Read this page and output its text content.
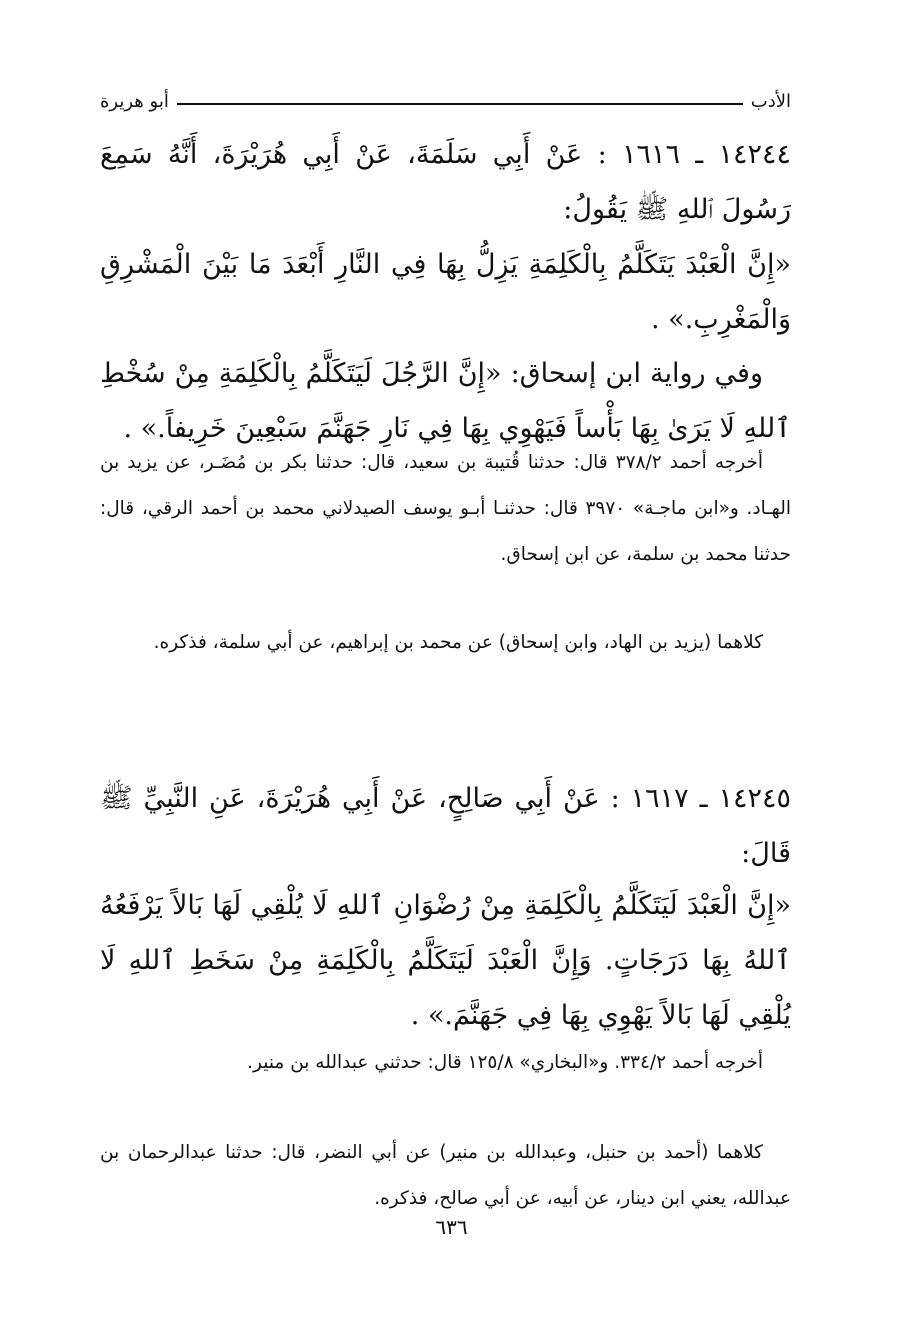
الأدب
أبو هريرة
١٤٢٤٤ ـ ١٦١٦ : عَنْ أَبِي سَلَمَةَ، عَنْ أَبِي هُرَيْرَةَ، أَنَّهُ سَمِعَ رَسُولَ ٱللهِ ﷺ يَقُولُ:
«إِنَّ الْعَبْدَ يَتَكَلَّمُ بِالْكَلِمَةِ يَزِلُّ بِهَا فِي النَّارِ أَبْعَدَ مَا بَيْنَ الْمَشْرِقِ وَالْمَغْرِبِ.» .
وفي رواية ابن إسحاق: «إِنَّ الرَّجُلَ لَيَتَكَلَّمُ بِالْكَلِمَةِ مِنْ سُخْطِ ٱللهِ لَا يَرَىٰ بِهَا بَأْساً فَيَهْوِي بِهَا فِي نَارِ جَهَنَّمَ سَبْعِينَ خَرِيفاً.» .
أخرجه أحمد ٣٧٨/٢ قال: حدثنا قُتيبة بن سعيد، قال: حدثنا بكر بن مُضَـر، عن يزيد بن الهـاد. و«ابن ماجـة» ٣٩٧٠ قال: حدثنـا أبـو يوسف الصيدلاني محمد بن أحمد الرقي، قال: حدثنا محمد بن سلمة، عن ابن إسحاق.
كلاهما (يزيد بن الهاد، وابن إسحاق) عن محمد بن إبراهيم، عن أبي سلمة، فذكره.
١٤٢٤٥ ـ ١٦١٧ : عَنْ أَبِي صَالِحٍ، عَنْ أَبِي هُرَيْرَةَ، عَنِ النَّبِيِّ ﷺ قَالَ:
«إِنَّ الْعَبْدَ لَيَتَكَلَّمُ بِالْكَلِمَةِ مِنْ رُضْوَانِ ٱللهِ لَا يُلْقِي لَهَا بَالاً يَرْفَعُهُ ٱللهُ بِهَا دَرَجَاتٍ. وَإِنَّ الْعَبْدَ لَيَتَكَلَّمُ بِالْكَلِمَةِ مِنْ سَخَطِ ٱللهِ لَا يُلْقِي لَهَا بَالاً يَهْوِي بِهَا فِي جَهَنَّمَ.» .
أخرجه أحمد ٣٣٤/٢. و«البخاري» ١٢٥/٨ قال: حدثني عبدالله بن منير.
كلاهما (أحمد بن حنبل، وعبدالله بن منير) عن أبي النضر، قال: حدثنا عبدالرحمان بن عبدالله، يعني ابن دينار، عن أبيه، عن أبي صالح، فذكره.
٦٣٦
